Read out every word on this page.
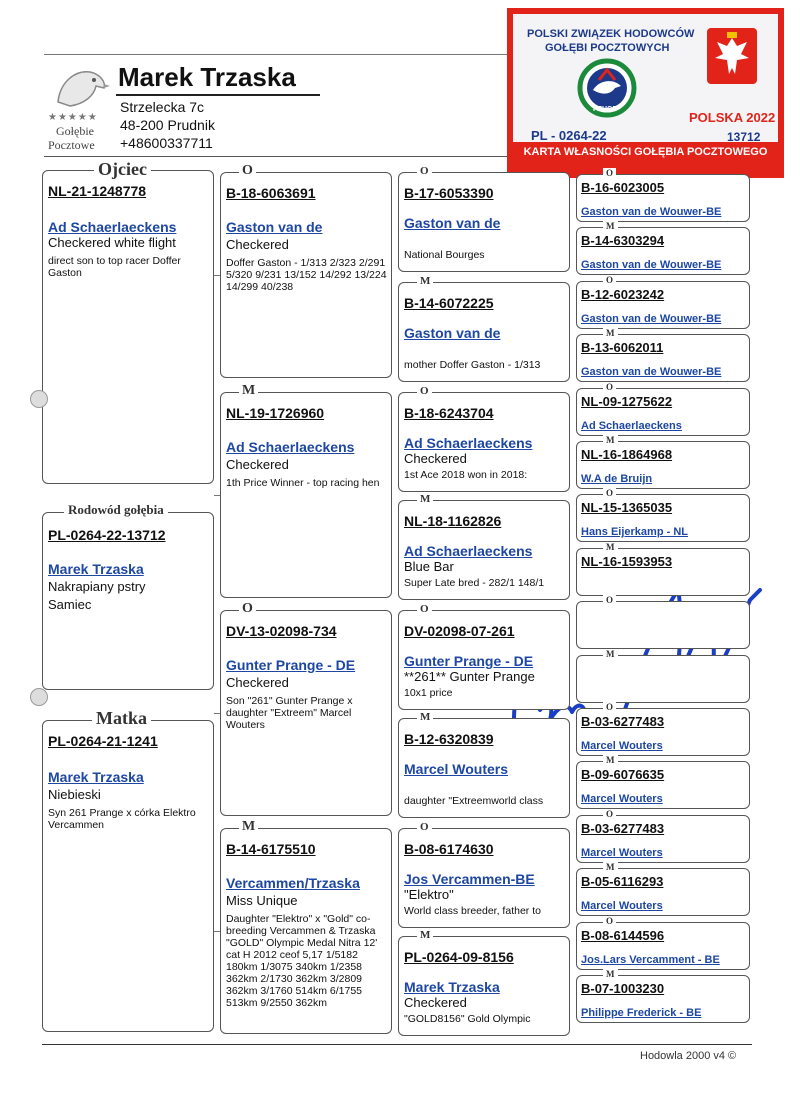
★★★★★
Gołębie
Pocztowe
Marek Trzaska
Strzelecka 7c
48-200 Prudnik
+48600337711
POLSKI ZWIĄZEK HODOWCÓW
GOŁĘBI POCZTOWYCH
PZHGP
POLSKA 2022
PL - 0264-22	13712
KARTA WŁASNOŚCI GOŁĘBIA POCZTOWEGO
NL-21-1248778
Ad Schaerlaeckens
Checkered white flight
direct son to top racer Doffer Gaston
Ojciec
PL-0264-22-13712
Marek Trzaska
Nakrapiany pstry
Samiec
Rodowód gołębia
PL-0264-21-1241
Marek Trzaska
Niebieski
Syn 261 Prange x córka Elektro Vercammen
Matka
Hodowla 2000 v4 ©
O
B-18-6063691
Gaston van de
Checkered
Doffer Gaston - 1/313 2/323 2/291 5/320 9/231 13/152 14/292 13/224 14/299 40/238
M
NL-19-1726960
Ad Schaerlaeckens
Checkered
1th Price Winner - top racing hen
O
DV-13-02098-734
Gunter Prange - DE
Checkered
Son "261" Gunter Prange x daughter "Extreem" Marcel Wouters
M
B-14-6175510
Vercammen/Trzaska
Miss Unique
Daughter "Elektro" x "Gold" co-breeding Vercammen & Trzaska "GOLD" Olympic Medal Nitra 12' cat H 2012 ceof 5,17 1/5182 180km 1/3075 340km 1/2358 362km 2/1730 362km 3/2809 362km 3/1760 514km 6/1755 513km 9/2550 362km
O
B-17-6053390
Gaston van de
National Bourges
M
B-14-6072225
Gaston van de
mother Doffer Gaston - 1/313
O
B-18-6243704
Ad Schaerlaeckens
Checkered
1st Ace 2018 won in 2018:
M
NL-18-1162826
Ad Schaerlaeckens
Blue Bar
Super Late bred - 282/1 148/1
O
DV-02098-07-261
Gunter Prange - DE
**261** Gunter Prange
10x1 price
M
B-12-6320839
Marcel Wouters
daughter "Extreemworld class
O
B-08-6174630
Jos Vercammen-BE
"Elektro"
World class breeder, father to
M
PL-0264-09-8156
Marek Trzaska
Checkered
"GOLD8156" Gold Olympic
O
B-16-6023005
Gaston van de Wouwer-BE
M
B-14-6303294
Gaston van de Wouwer-BE
O
B-12-6023242
Gaston van de Wouwer-BE
M
B-13-6062011
Gaston van de Wouwer-BE
O
NL-09-1275622
Ad Schaerlaeckens
M
NL-16-1864968
W.A de Bruijn
O
NL-15-1365035
Hans Eijerkamp - NL
M
NL-16-1593953
O
M
O
B-03-6277483
Marcel Wouters
M
B-09-6076635
Marcel Wouters
O
B-03-6277483
Marcel Wouters
M
B-05-6116293
Marcel Wouters
O
B-08-6144596
Jos.Lars Vercamment - BE
M
B-07-1003230
Philippe Frederick - BE
